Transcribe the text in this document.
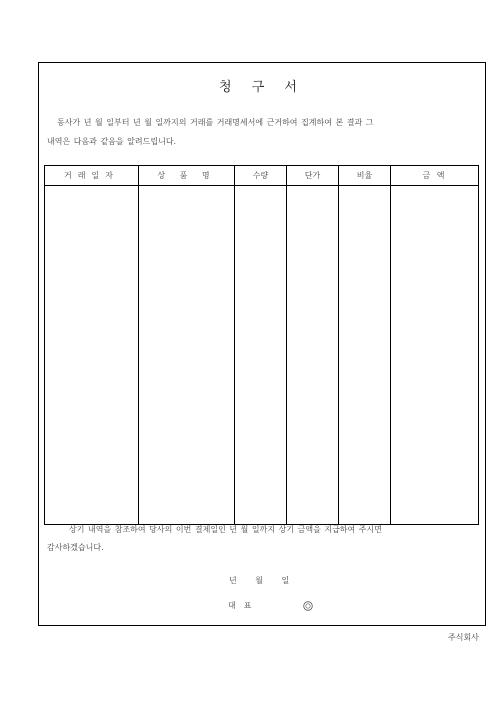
청 구 서
동사가 년 월 일부터 년 월 일까지의 거래를 거래명세서에 근거하여 집계하여 본 결과 그
내역은 다음과 같음을 알려드립니다.
거래일자	상 품 명	수량	단가	비율	금 액

상기 내역을 참조하여 당사의 이번 결제일인 년 월 일까지 상기 금액을 지급하여 주시면
감사하겠습니다.
년 월 일
대표
주식회사
